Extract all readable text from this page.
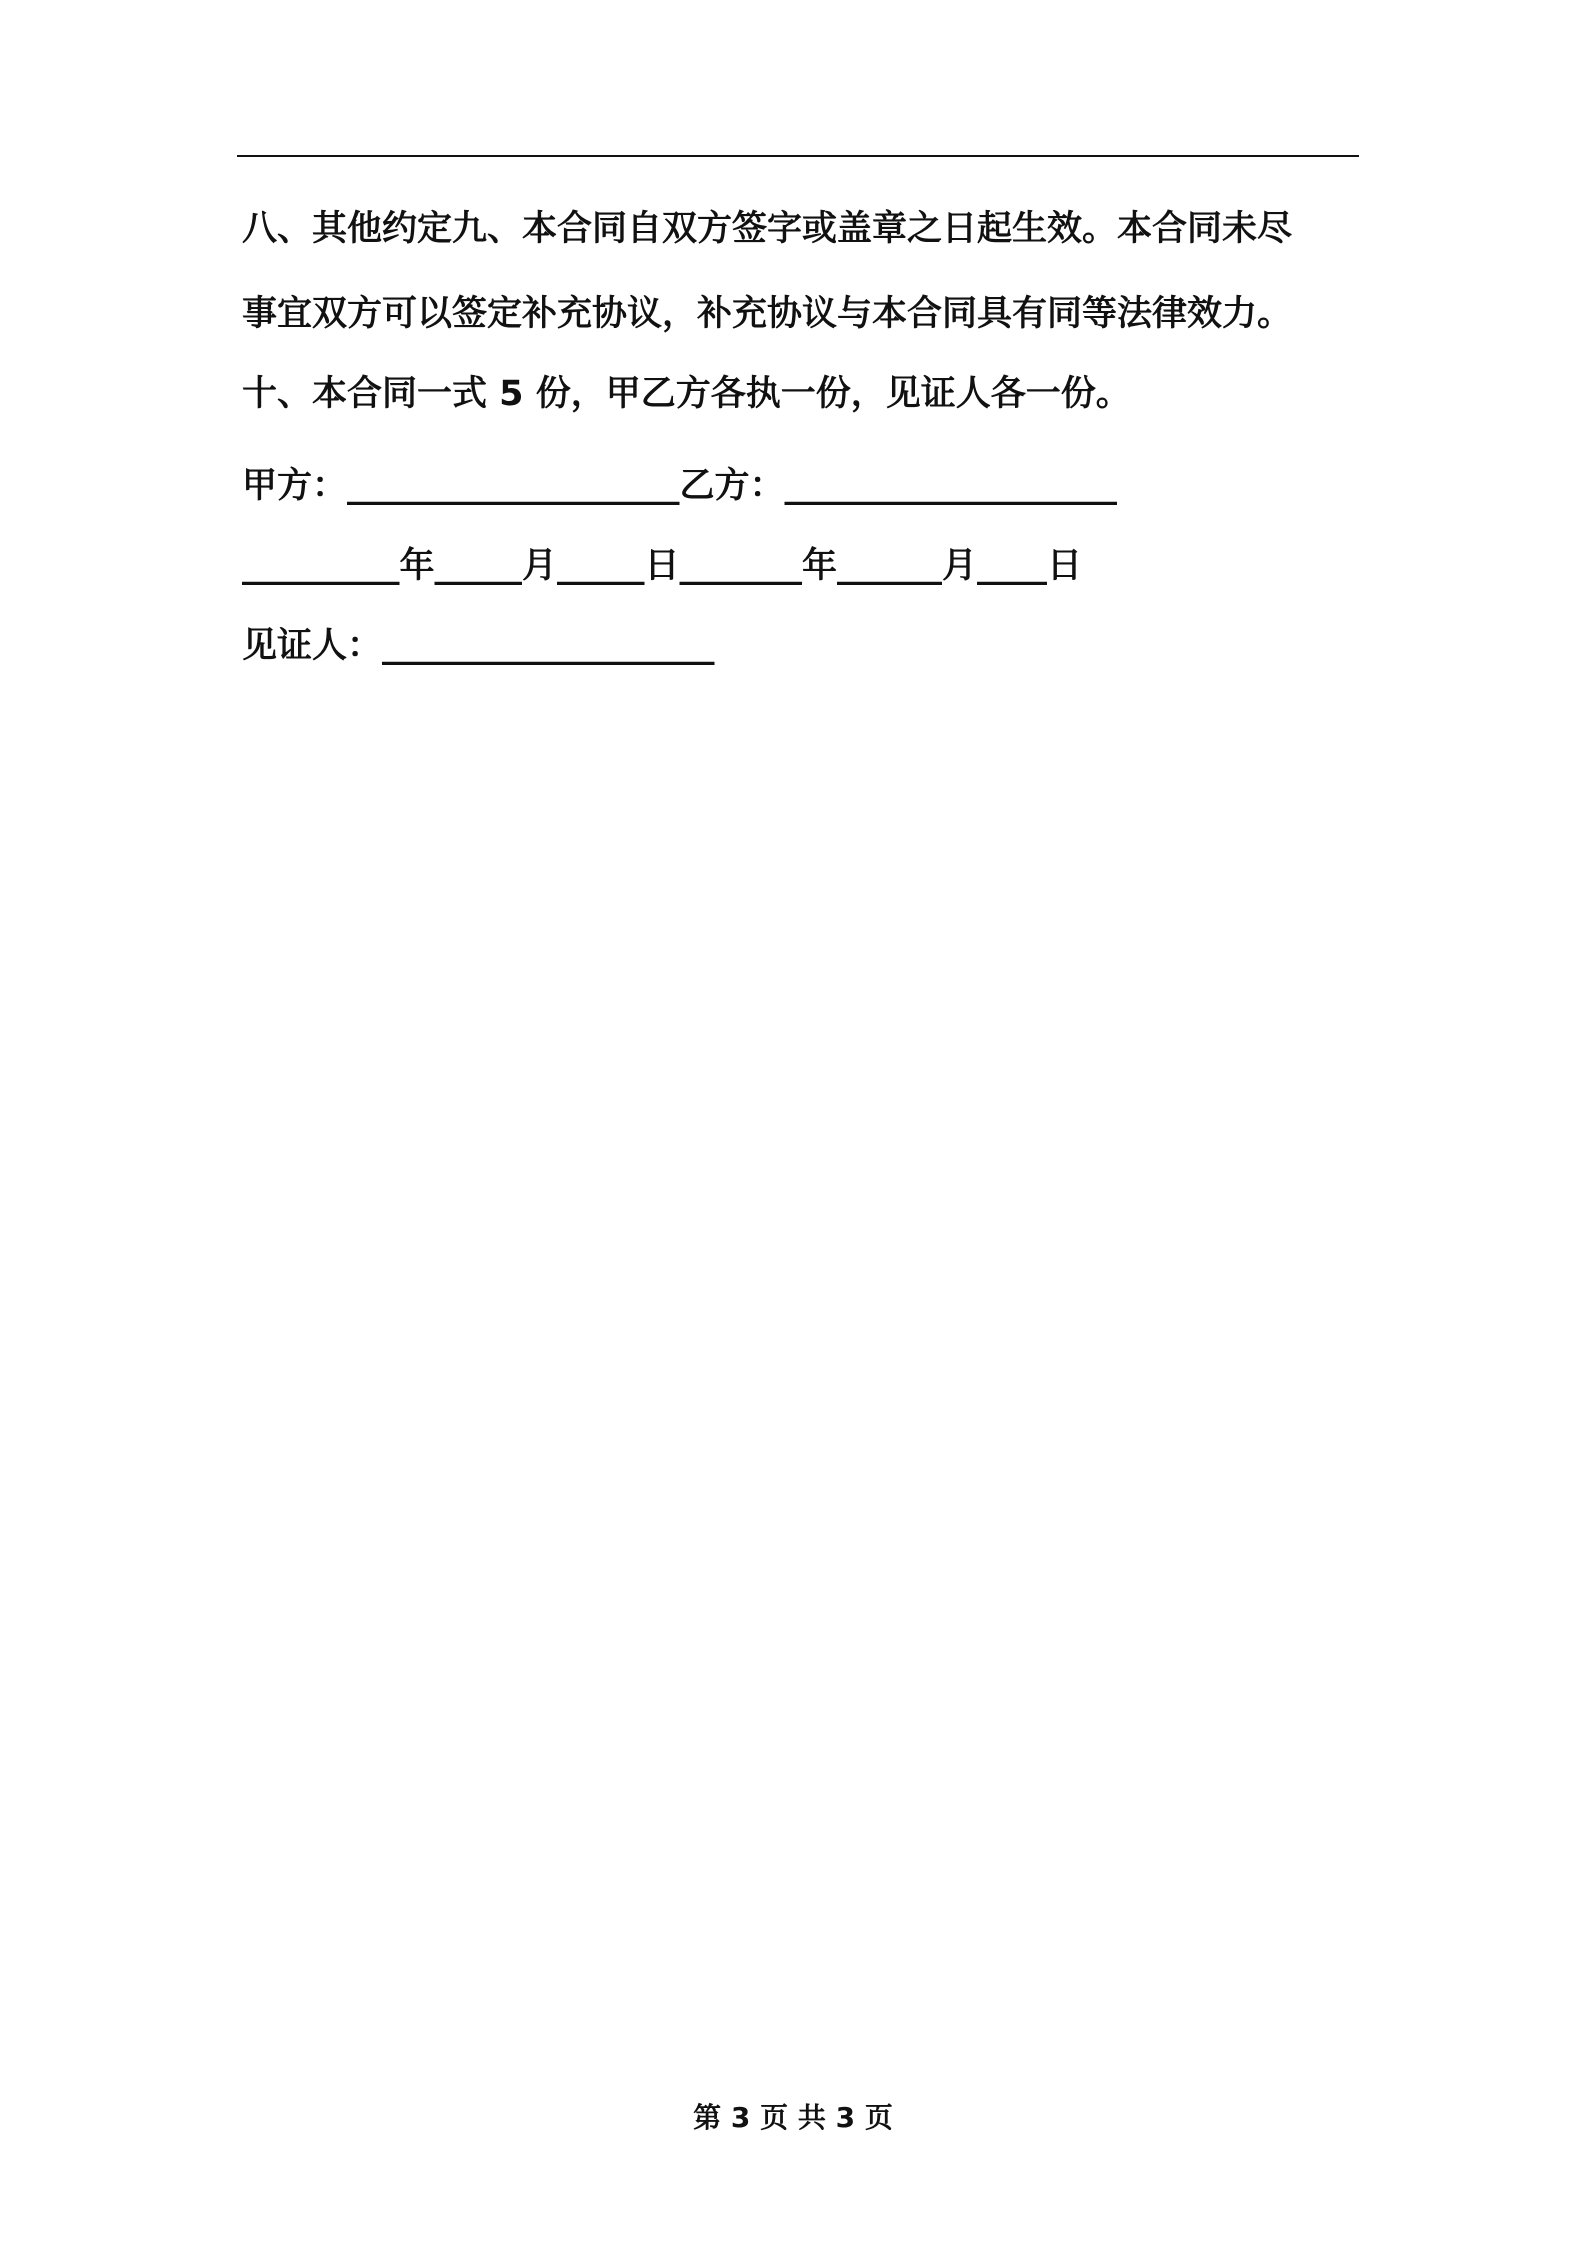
八、其他约定九、本合同自双方签字或盖章之日起生效。本合同未尽

事宜双方可以签定补充协议，补充协议与本合同具有同等法律效力。

十、本合同一式 5 份，甲乙方各执一份，见证人各一份。

甲方：___________________乙方：___________________

_________年_____月_____日_______年______月____日

见证人：___________________

第 3 页 共 3 页
